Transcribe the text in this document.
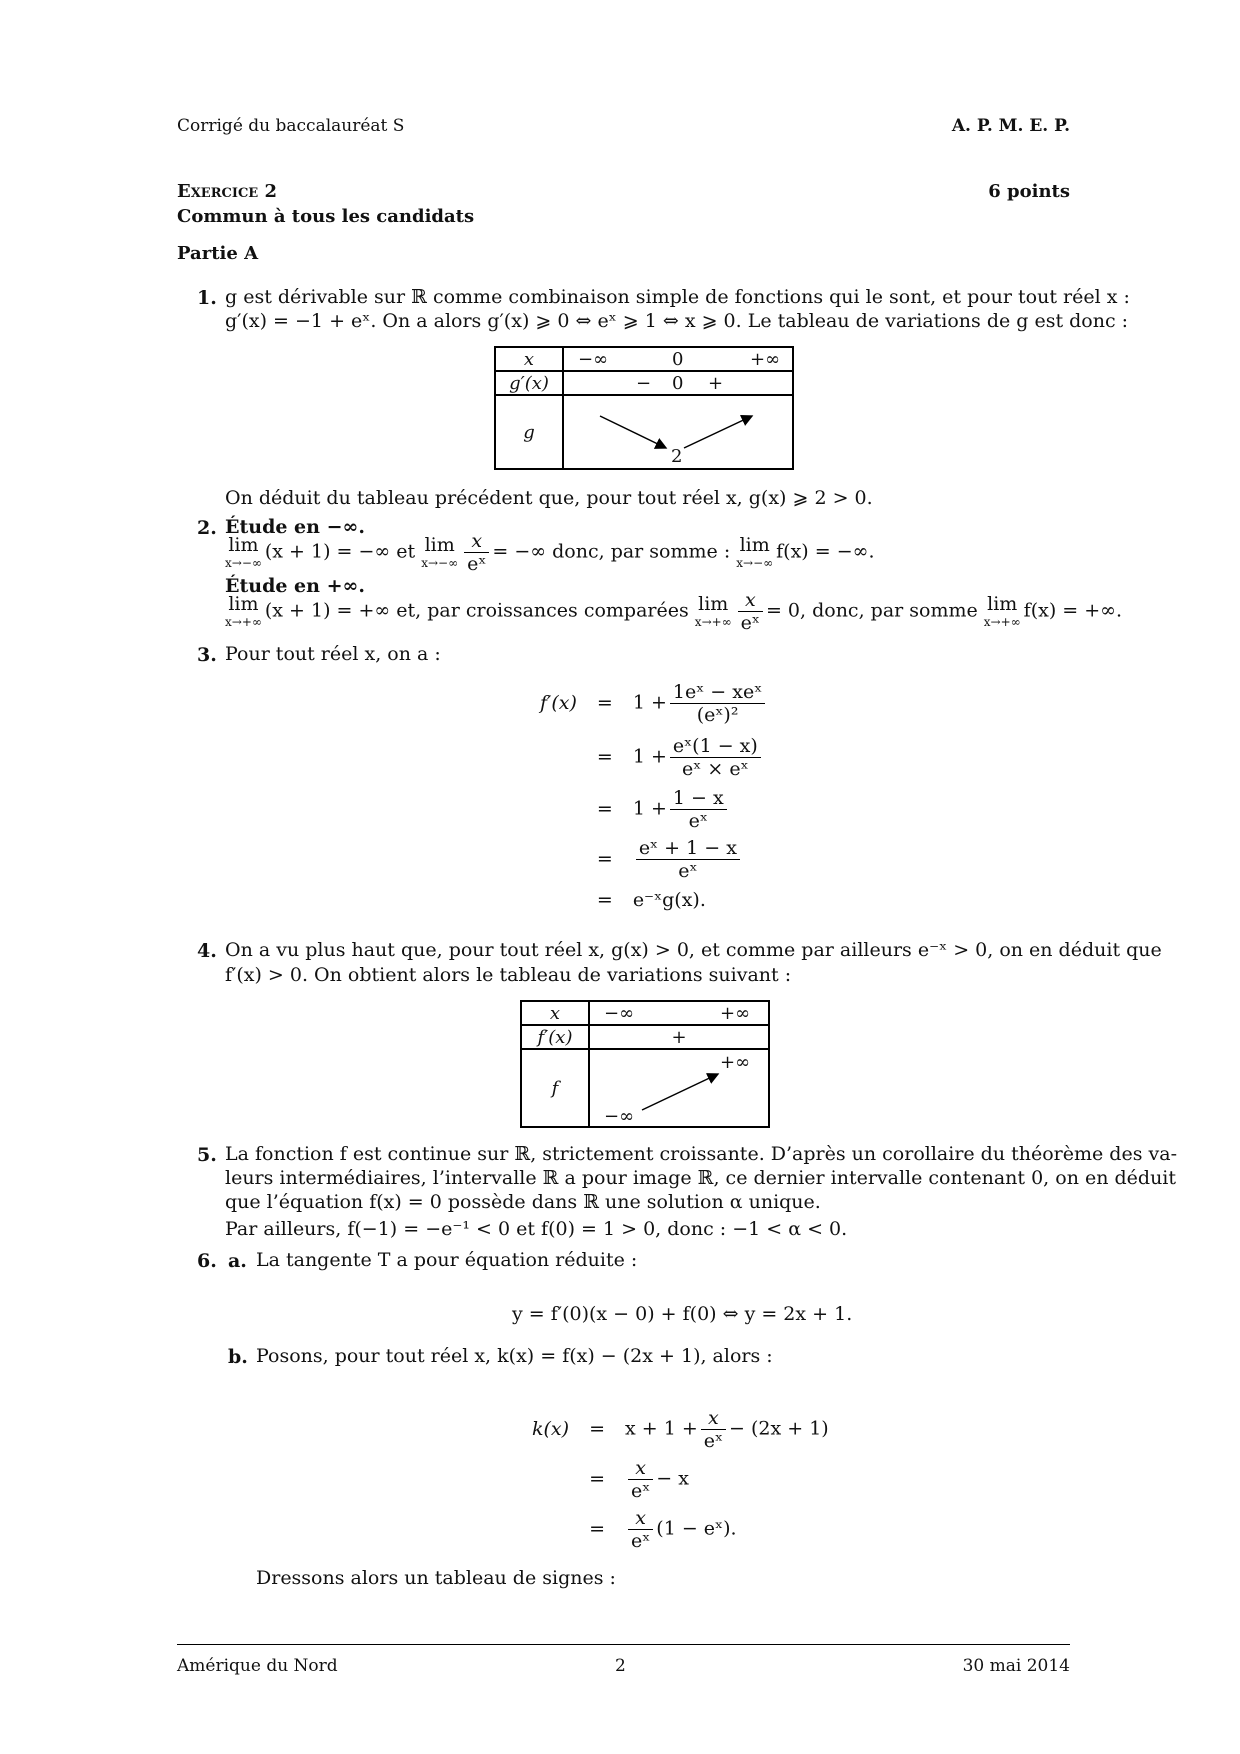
Corrigé du baccalauréat S	A. P. M. E. P.
Exercice 2	6 points
Commun à tous les candidats
Partie A
1. g est dérivable sur ℝ comme combinaison simple de fonctions qui le sont, et pour tout réel x :
g′(x) = −1 + eˣ. On a alors g′(x) ⩾ 0 ⇔ eˣ ⩾ 1 ⇔ x ⩾ 0. Le tableau de variations de g est donc :
x	−∞ 0 +∞

g′(x)	− 0 +

g	2
On déduit du tableau précédent que, pour tout réel x, g(x) ⩾ 2 > 0.
2. Étude en −∞.
lim
x→−∞ (x + 1) = −∞ et lim
$x\to-\infty \frac{x}{\text{eˣ}}$ = −∞ donc, par somme : lim
x→−∞ f(x) = −∞.
Étude en +∞.
lim
x→+∞ (x + 1) = +∞ et, par croissances comparées lim
$x\to+\infty \frac{x}{\text{eˣ}} = 0$, donc, par somme lim
x→+∞ f(x) = +∞.
3. Pour tout réel x, on a :
f′(x)	=	$1 + \frac{\text{1eˣ − xeˣ}}{\text{(eˣ)²}}$

	=	$1 + \frac{\text{eˣ(1 − x)}}{\text{eˣ × eˣ}}$

	=	$1 + \frac{1 - x}{\text{eˣ}}$

	=	$\frac{\text{eˣ + 1 − x}}{\text{eˣ}}$

	=	e⁻ˣg(x).
4. On a vu plus haut que, pour tout réel x, g(x) > 0, et comme par ailleurs e⁻ˣ > 0, on en déduit que
f′(x) > 0. On obtient alors le tableau de variations suivant :
x	−∞ +∞

f′(x)	+
f	+∞
−∞
5. La fonction f est continue sur ℝ, strictement croissante. D’après un corollaire du théorème des va-
leurs intermédiaires, l’intervalle ℝ a pour image ℝ, ce dernier intervalle contenant 0, on en déduit
que l’équation f(x) = 0 possède dans ℝ une solution α unique.
Par ailleurs, f(−1) = −e⁻¹ < 0 et f(0) = 1 > 0, donc : −1 < α < 0.
6. a. La tangente T a pour équation réduite :
y = f′(0)(x − 0) + f(0) ⇔ y = 2x + 1.
b. Posons, pour tout réel x, k(x) = f(x) − (2x + 1), alors :
k(x)	=	$x + 1 + \frac{x}{\text{eˣ}} - (2x + 1)$
	=	$\frac{x}{\text{eˣ}} - x$
	=	$\frac{x}{\text{eˣ}} (1$ − eˣ).
Dressons alors un tableau de signes :
Amérique du Nord	2	30 mai 2014
